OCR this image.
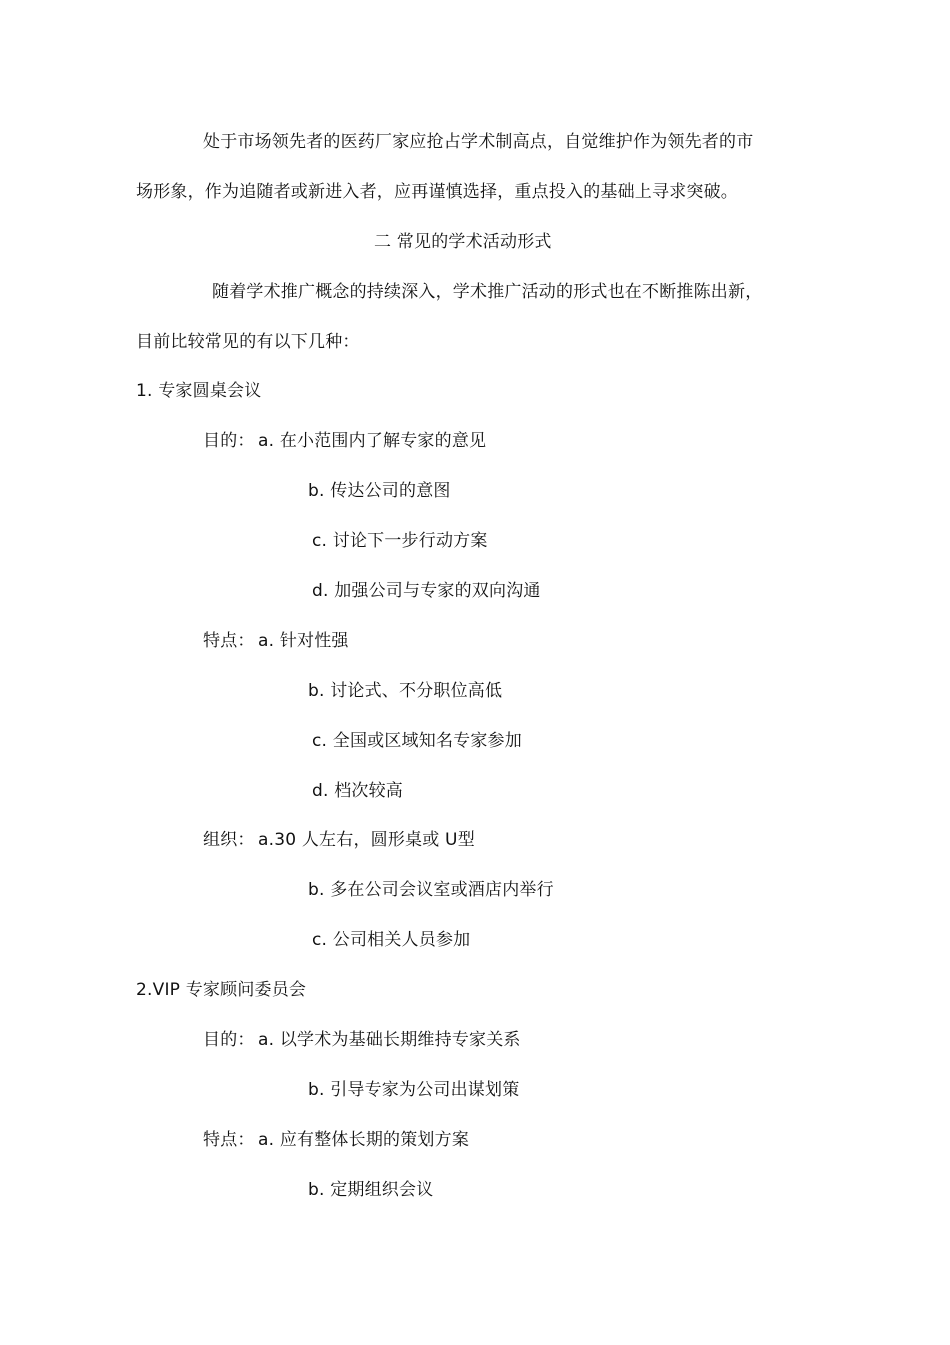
处于市场领先者的医药厂家应抢占学术制高点，自觉维护作为领先者的市
场形象，作为追随者或新进入者，应再谨慎选择，重点投入的基础上寻求突破。
二 常见的学术活动形式
随着学术推广概念的持续深入，学术推广活动的形式也在不断推陈出新，
目前比较常见的有以下几种：
1. 专家圆桌会议
目的： a. 在小范围内了解专家的意见
b. 传达公司的意图
c. 讨论下一步行动方案
d. 加强公司与专家的双向沟通
特点： a. 针对性强
b. 讨论式、不分职位高低
c. 全国或区域知名专家参加
d. 档次较高
组织： a.30 人左右，圆形桌或 U型
b. 多在公司会议室或酒店内举行
c. 公司相关人员参加
2.VIP 专家顾问委员会
目的： a. 以学术为基础长期维持专家关系
b. 引导专家为公司出谋划策
特点： a. 应有整体长期的策划方案
b. 定期组织会议
